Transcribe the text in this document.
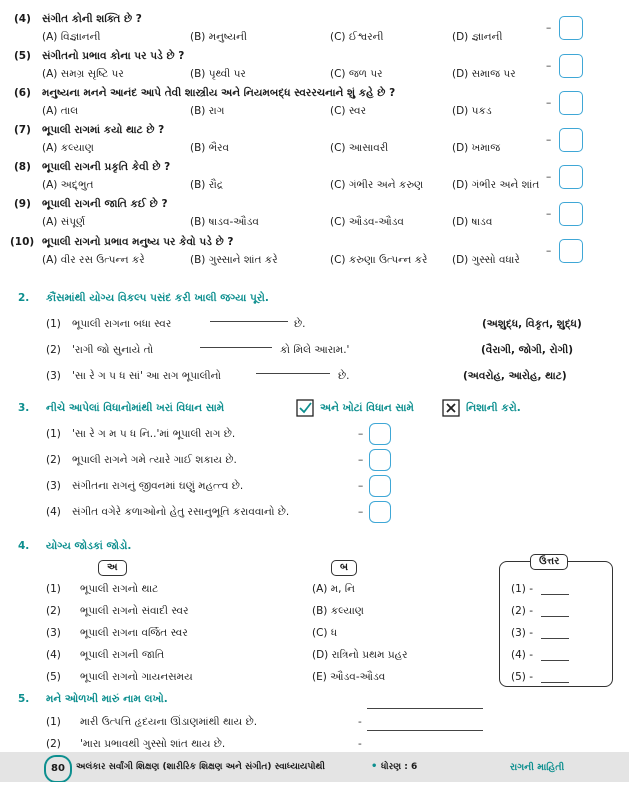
(4) સંગીત કોની શક્તિ છે ?
(A) વિજ્ઞાનની	(B) મનુષ્યની	(C) ઈશ્વરની	(D) જ્ઞાનની
–
(5) સંગીતનો પ્રભાવ કોના પર પડે છે ?
(A) સમગ્ર સૃષ્ટિ પર	(B) પૃથ્વી પર	(C) જળ પર	(D) સમાજ પર
–
(6) મનુષ્યના મનને આનંદ આપે તેવી શાસ્ત્રીય અને નિયમબદ્ધ સ્વરરચનાને શું કહે છે ?
(A) તાલ	(B) રાગ	(C) સ્વર	(D) પકડ
–
(7) ભૂપાલી રાગમાં કયો થાટ છે ?
(A) કલ્યાણ	(B) ભૈરવ	(C) આસાવરી	(D) ખમાજ
–
(8) ભૂપાલી રાગની પ્રકૃતિ કેવી છે ?
(A) અદ્દ્ભુત	(B) રૌદ્ર	(C) ગંભીર અને કરુણ	(D) ગંભીર અને શાંત
–
(9) ભૂપાલી રાગની જાતિ કઈ છે ?
(A) સંપૂર્ણ	(B) ષાડવ-ઔડવ	(C) ઔડવ-ઔડવ	(D) ષાડવ
–
(10) ભૂપાલી રાગનો પ્રભાવ મનુષ્ય પર કેવો પડે છે ?
(A) વીર રસ ઉત્પન્ન કરે	(B) ગુસ્સાને શાંત કરે	(C) કરુણા ઉત્પન્ન કરે (D) ગુસ્સો વધારે
–
2. કૌંસમાંથી યોગ્ય વિકલ્પ પસંદ કરી ખાલી જગ્યા પૂરો.
(1) ભૂપાલી રાગના બધા સ્વર	છે.	(અશુદ્ધ, વિકૃત, શુદ્ધ)
(2) 'રાગી જો સુનાયે તો	કો મિલે આરામ.'	(વૈરાગી, જોગી, રોગી)
(3) 'સા રે ગ પ ધ સાં' આ રાગ ભૂપાલીનો	છે.	(અવરોહ, આરોહ, થાટ)
3. નીચે આપેલાં વિધાનોમાંથી ખરાં વિધાન સામે	અને ખોટાં વિધાન સામે	નિશાની કરો.
(1) 'સા રે ગ મ પ ધ નિ..'માં ભૂપાલી રાગ છે.	–
(2) ભૂપાલી રાગને ગમે ત્યારે ગાઈ શકાય છે.	–
(3) સંગીતના રાગનું જીવનમાં ઘણું મહત્ત્વ છે.	–
(4) સંગીત વગેરે કળાઓનો હેતુ રસાનુભૂતિ કરાવવાનો છે.	–
4. યોગ્ય જોડકાં જોડો.
અ	બ
ઉત્તર
(1) ભૂપાલી રાગનો થાટ	(A) મ, નિ	(1) -
(2) ભૂપાલી રાગનો સંવાદી સ્વર	(B) કલ્યાણ	(2) -
(3) ભૂપાલી રાગના વર્જિત સ્વર	(C) ધ	(3) -
(4) ભૂપાલી રાગની જાતિ	(D) રાત્રિનો પ્રથમ પ્રહર	(4) -
(5) ભૂપાલી રાગનો ગાયનસમય	(E) ઔડવ-ઔડવ	(5) -
5. મને ઓળખી મારું નામ લખો.
(1) મારી ઉત્પત્તિ હૃદયના ઊંડાણમાંથી થાય છે.	-
(2) 'મારા પ્રભાવથી ગુસ્સો શાંત થાય છે.	-
80	અલંકાર સર્વાંગી શિક્ષણ (શારીરિક શિક્ષણ અને સંગીત) સ્વાધ્યાયપોથી	• ધોરણ : 6	રાગની માહિતી
